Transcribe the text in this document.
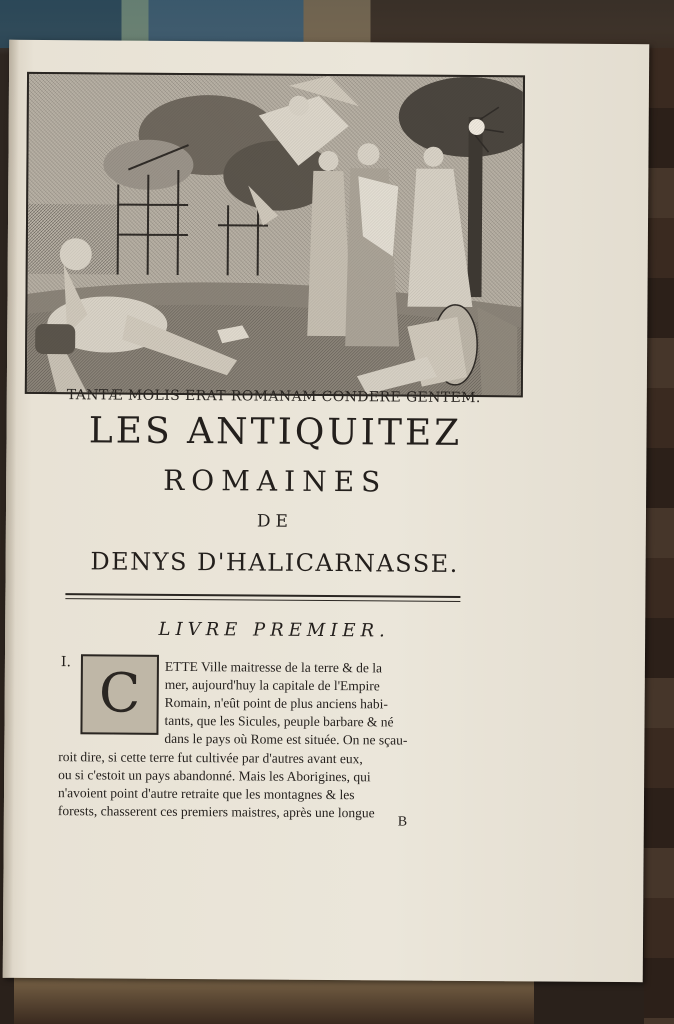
TANTÆ MOLIS ERAT ROMANAM CONDERE GENTEM.
LES ANTIQUITEZ
ROMAINES
DE
DENYS D'HALICARNASSE.
LIVRE PREMIER.
I. C	ETTE Ville maitresse de la terre & de la
mer, aujourd'huy la capitale de l'Empire
Romain, n'eût point de plus anciens habi-
tants, que les Sicules, peuple barbare & né
dans le pays où Rome est située. On ne sçau-
roit dire, si cette terre fut cultivée par d'autres avant eux,
ou si c'estoit un pays abandonné. Mais les Aborigines, qui
n'avoient point d'autre retraite que les montagnes & les
forests, chasserent ces premiers maistres, après une longue
B
